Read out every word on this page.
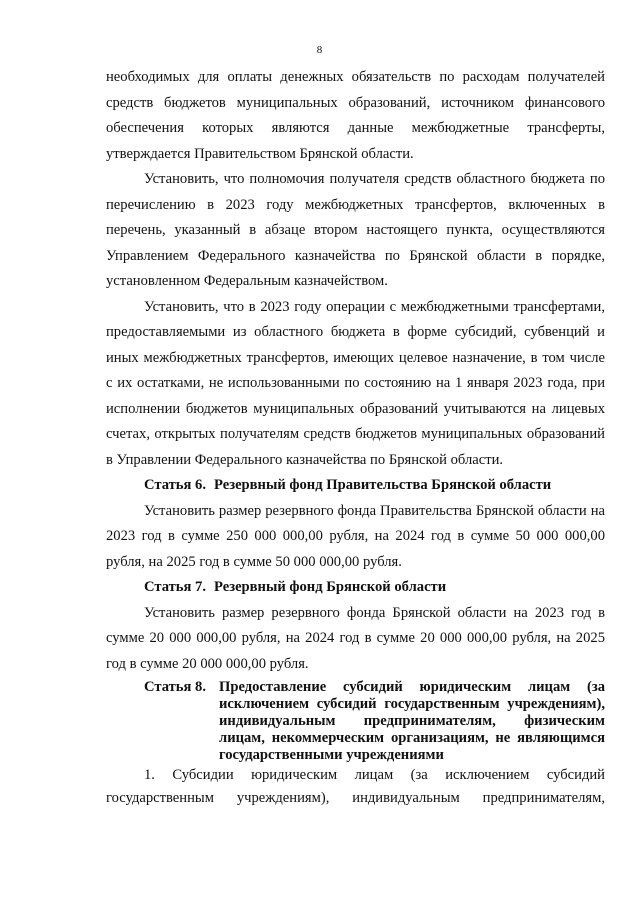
8

необходимых для оплаты денежных обязательств по расходам получателей средств бюджетов муниципальных образований, источником финансового обеспечения которых являются данные межбюджетные трансферты, утверждается Правительством Брянской области.

Установить, что полномочия получателя средств областного бюджета по перечислению в 2023 году межбюджетных трансфертов, включенных в перечень, указанный в абзаце втором настоящего пункта, осуществляются Управлением Федерального казначейства по Брянской области в порядке, установленном Федеральным казначейством.

Установить, что в 2023 году операции с межбюджетными трансфертами, предоставляемыми из областного бюджета в форме субсидий, субвенций и иных межбюджетных трансфертов, имеющих целевое назначение, в том числе с их остатками, не использованными по состоянию на 1 января 2023 года, при исполнении бюджетов муниципальных образований учитываются на лицевых счетах, открытых получателям средств бюджетов муниципальных образований в Управлении Федерального казначейства по Брянской области.

Статья 6. Резервный фонд Правительства Брянской области

Установить размер резервного фонда Правительства Брянской области на 2023 год в сумме 250 000 000,00 рубля, на 2024 год в сумме 50 000 000,00 рубля, на 2025 год в сумме 50 000 000,00 рубля.

Статья 7. Резервный фонд Брянской области

Установить размер резервного фонда Брянской области на 2023 год в сумме 20 000 000,00 рубля, на 2024 год в сумме 20 000 000,00 рубля, на 2025 год в сумме 20 000 000,00 рубля.

Статья 8. Предоставление субсидий юридическим лицам (за исключением субсидий государственным учреждениям), индивидуальным предпринимателям, физическим лицам, некоммерческим организациям, не являющимся государственными учреждениями

1. Субсидии юридическим лицам (за исключением субсидий государственным учреждениям), индивидуальным предпринимателям,
